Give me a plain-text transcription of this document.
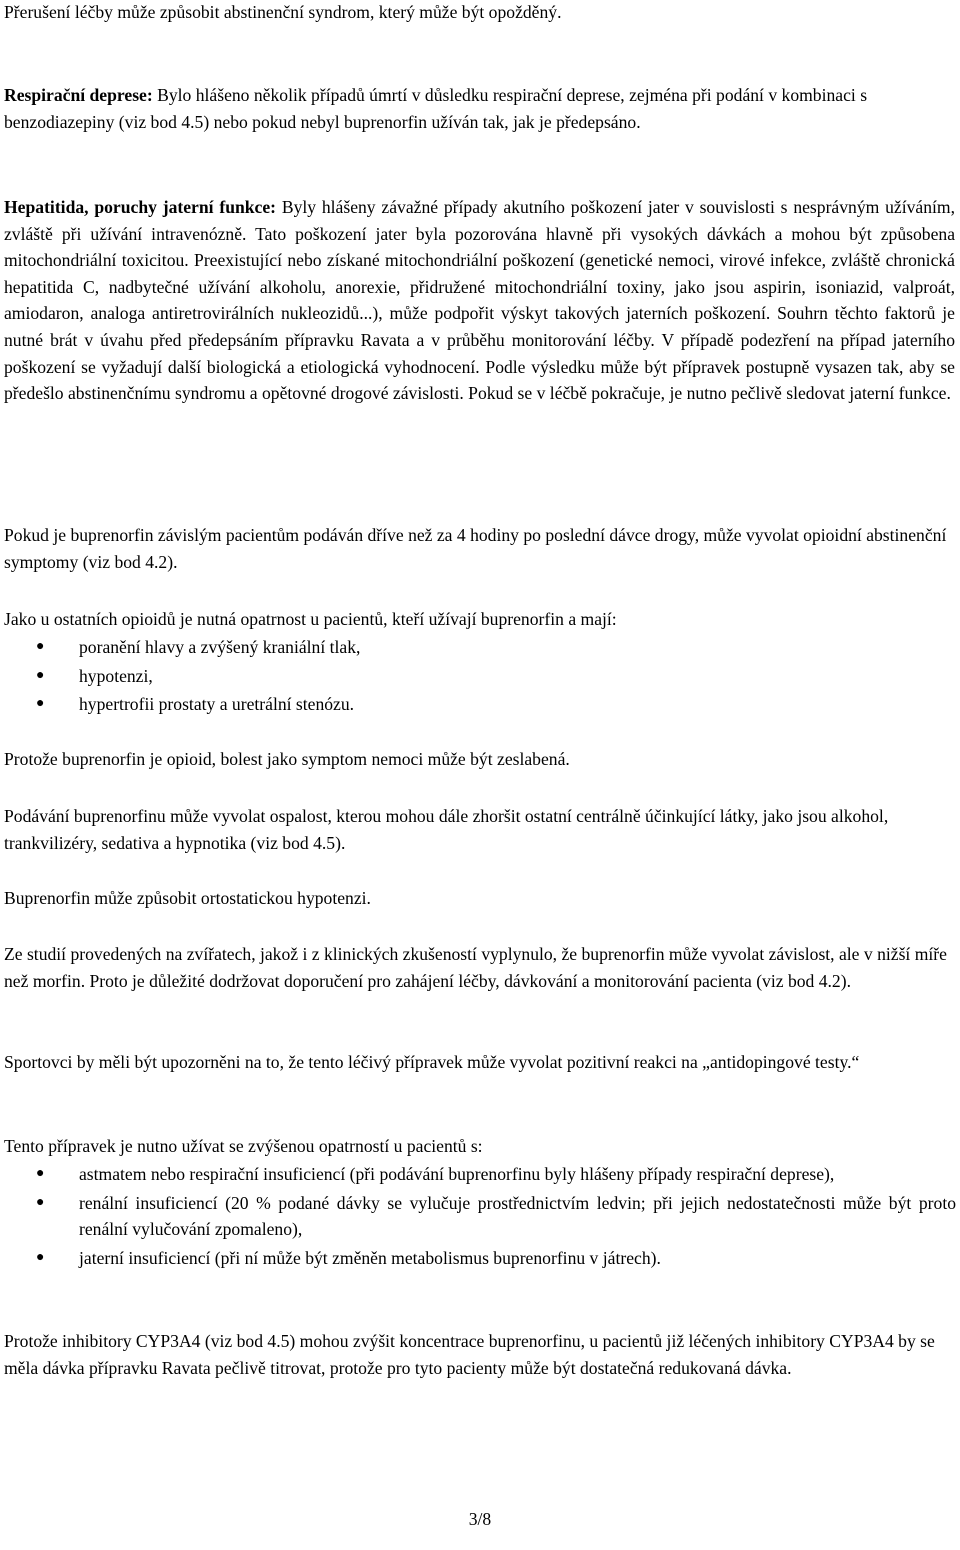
Přerušení léčby může způsobit abstinenční syndrom, který může být opožděný.

Respirační deprese: Bylo hlášeno několik případů úmrtí v důsledku respirační deprese, zejména při podání v kombinaci s benzodiazepiny (viz bod 4.5) nebo pokud nebyl buprenorfin užíván tak, jak je předepsáno.

Hepatitida, poruchy jaterní funkce: Byly hlášeny závažné případy akutního poškození jater v souvislosti s nesprávným užíváním, zvláště při užívání intravenózně. Tato poškození jater byla pozorována hlavně při vysokých dávkách a mohou být způsobena mitochondriální toxicitou. Preexistující nebo získané mitochondriální poškození (genetické nemoci, virové infekce, zvláště chronická hepatitida C, nadbytečné užívání alkoholu, anorexie, přidružené mitochondriální toxiny, jako jsou aspirin, isoniazid, valproát, amiodaron, analoga antiretrovirálních nukleozidů...), může podpořit výskyt takových jaterních poškození. Souhrn těchto faktorů je nutné brát v úvahu před předepsáním přípravku Ravata a v průběhu monitorování léčby. V případě podezření na případ jaterního poškození se vyžadují další biologická a etiologická vyhodnocení. Podle výsledku může být přípravek postupně vysazen tak, aby se předešlo abstinenčnímu syndromu a opětovné drogové závislosti. Pokud se v léčbě pokračuje, je nutno pečlivě sledovat jaterní funkce.

Pokud je buprenorfin závislým pacientům podáván dříve než za 4 hodiny po poslední dávce drogy, může vyvolat opioidní abstinenční symptomy (viz bod 4.2).

Jako u ostatních opioidů je nutná opatrnost u pacientů, kteří užívají buprenorfin a mají:

● poranění hlavy a zvýšený kraniální tlak,
● hypotenzi,
● hypertrofii prostaty a uretrální stenózu.

Protože buprenorfin je opioid, bolest jako symptom nemoci může být zeslabená.

Podávání buprenorfinu může vyvolat ospalost, kterou mohou dále zhoršit ostatní centrálně účinkující látky, jako jsou alkohol, trankvilizéry, sedativa a hypnotika (viz bod 4.5).

Buprenorfin může způsobit ortostatickou hypotenzi.

Ze studií provedených na zvířatech, jakož i z klinických zkušeností vyplynulo, že buprenorfin může vyvolat závislost, ale v nižší míře než morfin. Proto je důležité dodržovat doporučení pro zahájení léčby, dávkování a monitorování pacienta (viz bod 4.2).

Sportovci by měli být upozorněni na to, že tento léčivý přípravek může vyvolat pozitivní reakci na „antidopingové testy.“

Tento přípravek je nutno užívat se zvýšenou opatrností u pacientů s:

● astmatem nebo respirační insuficiencí (při podávání buprenorfinu byly hlášeny případy respirační deprese),
● renální insuficiencí (20 % podané dávky se vylučuje prostřednictvím ledvin; při jejich nedostatečnosti může být proto renální vylučování zpomaleno),
● jaterní insuficiencí (při ní může být změněn metabolismus buprenorfinu v játrech).

Protože inhibitory CYP3A4 (viz bod 4.5) mohou zvýšit koncentrace buprenorfinu, u pacientů již léčených inhibitory CYP3A4 by se měla dávka přípravku Ravata pečlivě titrovat, protože pro tyto pacienty může být dostatečná redukovaná dávka.

3/8
